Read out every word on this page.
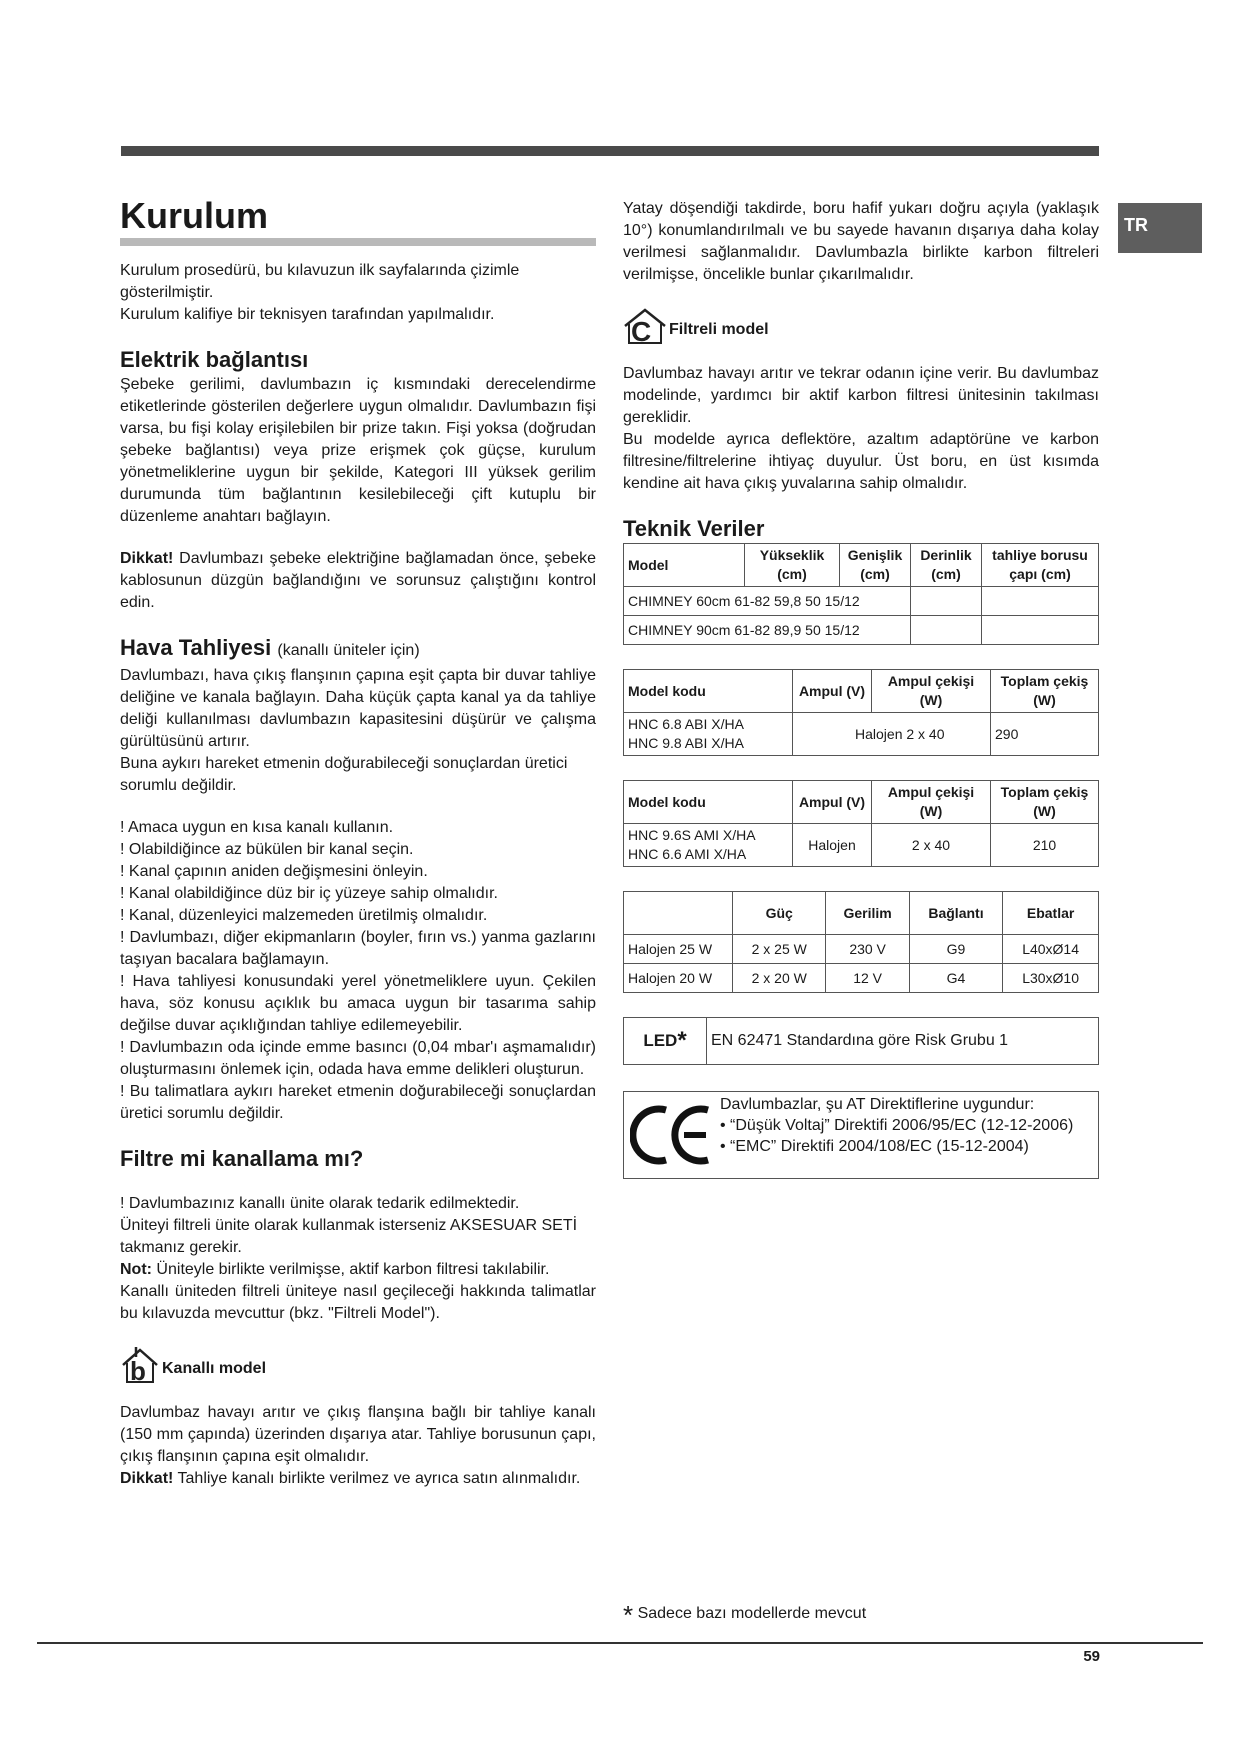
TR
Kurulum

Kurulum prosedürü, bu kılavuzun ilk sayfalarında çizimle gösterilmiştir.

Kurulum kalifiye bir teknisyen tarafından yapılmalıdır.

Elektrik bağlantısı

Şebeke gerilimi, davlumbazın iç kısmındaki derecelendirme etiketlerinde gösterilen değerlere uygun olmalıdır. Davlumbazın fişi varsa, bu fişi kolay erişilebilen bir prize takın. Fişi yoksa (doğrudan şebeke bağlantısı) veya prize erişmek çok güçse, kurulum yönetmeliklerine uygun bir şekilde, Kategori III yüksek gerilim durumunda tüm bağlantının kesilebileceği çift kutuplu bir düzenleme anahtarı bağlayın.

Dikkat! Davlumbazı şebeke elektriğine bağlamadan önce, şebeke kablosunun düzgün bağlandığını ve sorunsuz çalıştığını kontrol edin.

Hava Tahliyesi (kanallı üniteler için)

Davlumbazı, hava çıkış flanşının çapına eşit çapta bir duvar tahliye deliğine ve kanala bağlayın. Daha küçük çapta kanal ya da tahliye deliği kullanılması davlumbazın kapasitesini düşürür ve çalışma gürültüsünü artırır.

Buna aykırı hareket etmenin doğurabileceği sonuçlardan üretici sorumlu değildir.

! Amaca uygun en kısa kanalı kullanın.

! Olabildiğince az bükülen bir kanal seçin.

! Kanal çapının aniden değişmesini önleyin.

! Kanal olabildiğince düz bir iç yüzeye sahip olmalıdır.

! Kanal, düzenleyici malzemeden üretilmiş olmalıdır.

! Davlumbazı, diğer ekipmanların (boyler, fırın vs.) yanma gazlarını taşıyan bacalara bağlamayın.

! Hava tahliyesi konusundaki yerel yönetmeliklere uyun. Çekilen hava, söz konusu açıklık bu amaca uygun bir tasarıma sahip değilse duvar açıklığından tahliye edilemeyebilir.

! Davlumbazın oda içinde emme basıncı (0,04 mbar'ı aşmamalıdır) oluşturmasını önlemek için, odada hava emme delikleri oluşturun.

! Bu talimatlara aykırı hareket etmenin doğurabileceği sonuçlardan üretici sorumlu değildir.

Filtre mi kanallama mı?

! Davlumbazınız kanallı ünite olarak tedarik edilmektedir.

Üniteyi filtreli ünite olarak kullanmak isterseniz AKSESUAR SETİ takmanız gerekir.

Not: Üniteyle birlikte verilmişse, aktif karbon filtresi takılabilir.

Kanallı üniteden filtreli üniteye nasıl geçileceği hakkında talimatlar bu kılavuzda mevcuttur (bkz. "Filtreli Model").

b Kanallı model

Davlumbaz havayı arıtır ve çıkış flanşına bağlı bir tahliye kanalı (150 mm çapında) üzerinden dışarıya atar. Tahliye borusunun çapı, çıkış flanşının çapına eşit olmalıdır.

Dikkat! Tahliye kanalı birlikte verilmez ve ayrıca satın alınmalıdır.

Yatay döşendiği takdirde, boru hafif yukarı doğru açıyla (yaklaşık 10°) konumlandırılmalı ve bu sayede havanın dışarıya daha kolay verilmesi sağlanmalıdır. Davlumbazla birlikte karbon filtreleri verilmişse, öncelikle bunlar çıkarılmalıdır.

C Filtreli model

Davlumbaz havayı arıtır ve tekrar odanın içine verir. Bu davlumbaz modelinde, yardımcı bir aktif karbon filtresi ünitesinin takılması gereklidir.

Bu modelde ayrıca deflektöre, azaltım adaptörüne ve karbon filtresine/filtrelerine ihtiyaç duyulur. Üst boru, en üst kısımda kendine ait hava çıkış yuvalarına sahip olmalıdır.

Teknik Veriler
Model	Yükseklik (cm)	Genişlik (cm)	Derinlik (cm)	tahliye borusu çapı (cm)
CHIMNEY 60cm 61-82 59,8 50 15/12				
CHIMNEY 90cm 61-82 89,9 50 15/12				
Model kodu	Ampul (V)	Ampul çekişi (W)	Toplam çekiş (W)

HNC 6.8 ABI X/HA
HNC 9.8 ABI X/HA	Halojen 2 x 40		290
Model kodu	Ampul (V)	Ampul çekişi (W)	Toplam çekiş (W)

HNC 9.6S AMI X/HA
HNC 6.6 AMI X/HA	Halojen	2 x 40	210
	Güç	Gerilim	Bağlantı	Ebatlar
Halojen 25 W	2 x 25 W	230 V	G9	L40xØ14
Halojen 20 W	2 x 20 W	12 V	G4	L30xØ10
LED * EN 62471 Standardına göre Risk Grubu 1
Davlumbazlar, şu AT Direktiflerine uygundur:
• “Düşük Voltaj” Direktifi 2006/95/EC (12-12-2006)
• “EMC” Direktifi 2004/108/EC (15-12-2004)
* Sadece bazı modellerde mevcut
59
